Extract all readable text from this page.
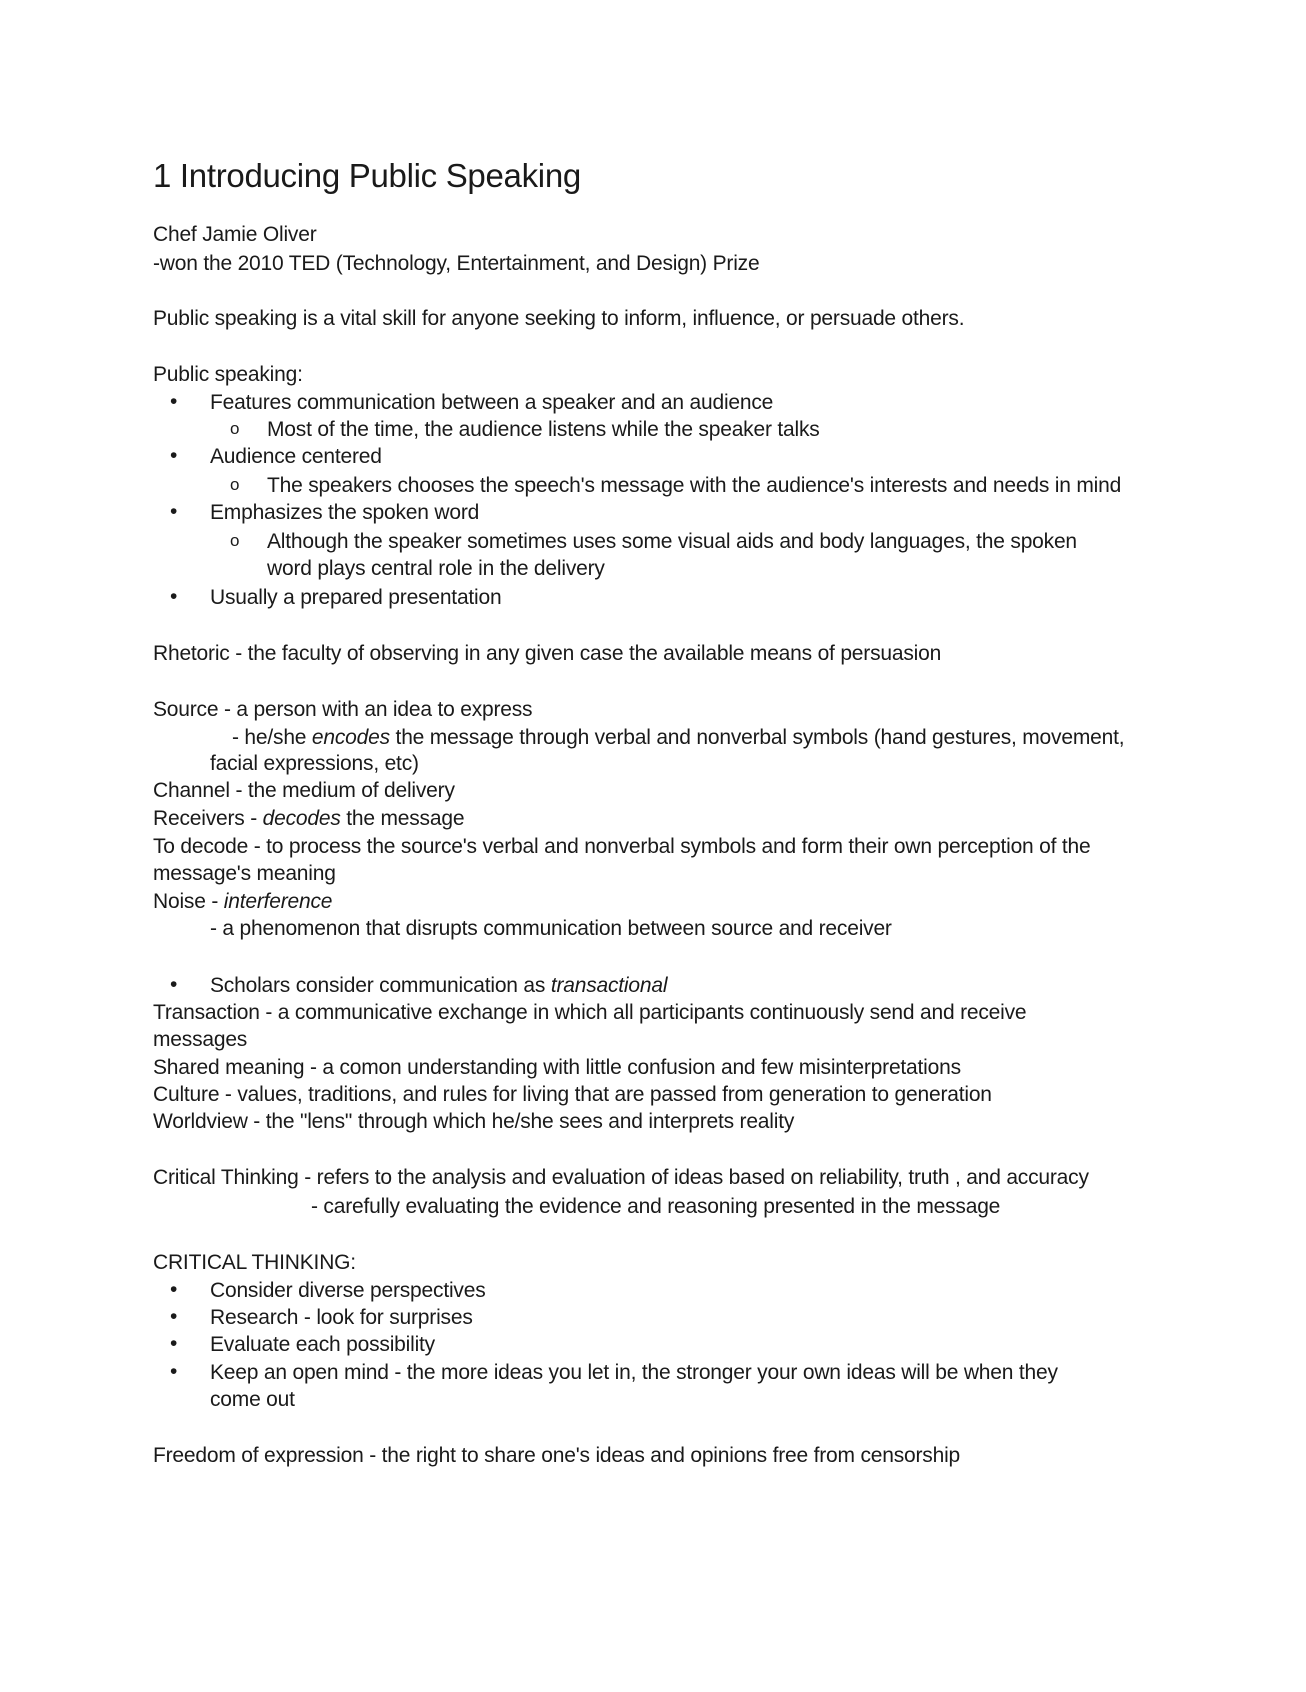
1 Introducing Public Speaking
Chef Jamie Oliver
-won the 2010 TED (Technology, Entertainment, and Design) Prize
Public speaking is a vital skill for anyone seeking to inform, influence, or persuade others.
Public speaking:
• Features communication between a speaker and an audience
o Most of the time, the audience listens while the speaker talks
• Audience centered
o The speakers chooses the speech's message with the audience's interests and needs in mind
• Emphasizes the spoken word
o Although the speaker sometimes uses some visual aids and body languages, the spoken
word plays central role in the delivery
• Usually a prepared presentation
Rhetoric - the faculty of observing in any given case the available means of persuasion
Source - a person with an idea to express
- he/she encodes the message through verbal and nonverbal symbols (hand gestures, movement,
facial expressions, etc)
Channel - the medium of delivery
Receivers - decodes the message
To decode - to process the source's verbal and nonverbal symbols and form their own perception of the
message's meaning
Noise - interference
- a phenomenon that disrupts communication between source and receiver
• Scholars consider communication as transactional
Transaction - a communicative exchange in which all participants continuously send and receive
messages
Shared meaning - a comon understanding with little confusion and few misinterpretations
Culture - values, traditions, and rules for living that are passed from generation to generation
Worldview - the "lens" through which he/she sees and interprets reality
Critical Thinking - refers to the analysis and evaluation of ideas based on reliability, truth , and accuracy
- carefully evaluating the evidence and reasoning presented in the message
CRITICAL THINKING:
• Consider diverse perspectives
• Research - look for surprises
• Evaluate each possibility
• Keep an open mind - the more ideas you let in, the stronger your own ideas will be when they
come out
Freedom of expression - the right to share one's ideas and opinions free from censorship
